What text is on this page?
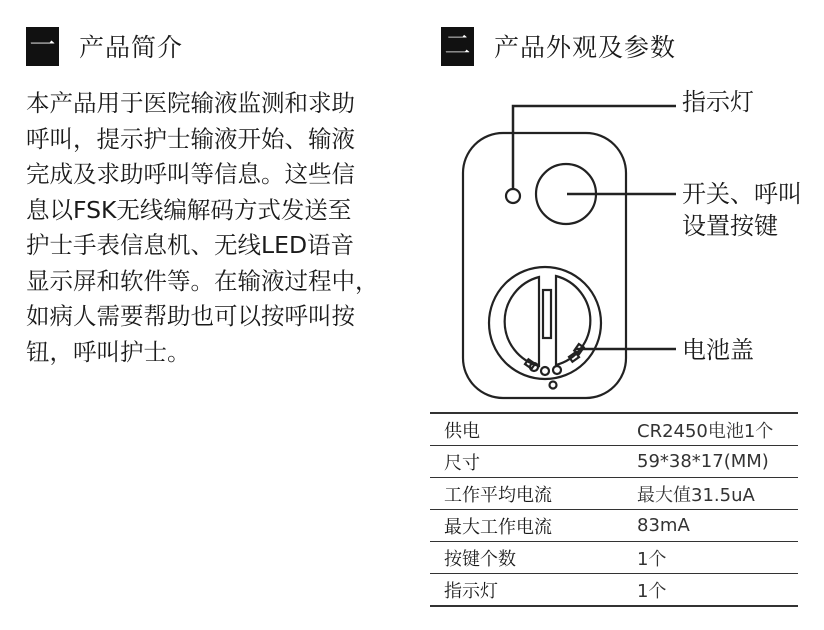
一 产品简介	二 产品外观及参数

本产品用于医院输液监测和求助
呼叫，提示护士输液开始、输液
完成及求助呼叫等信息。这些信
息以FSK无线编解码方式发送至
护士手表信息机、无线LED语音
显示屏和软件等。在输液过程中，
如病人需要帮助也可以按呼叫按
钮，呼叫护士。

指示灯
开关、呼叫
设置按键
电池盖
供电	CR2450电池1个
尺寸	59*38*17(MM)
工作平均电流	最大值31.5uA
最大工作电流	83mA
按键个数	1个
指示灯	1个
